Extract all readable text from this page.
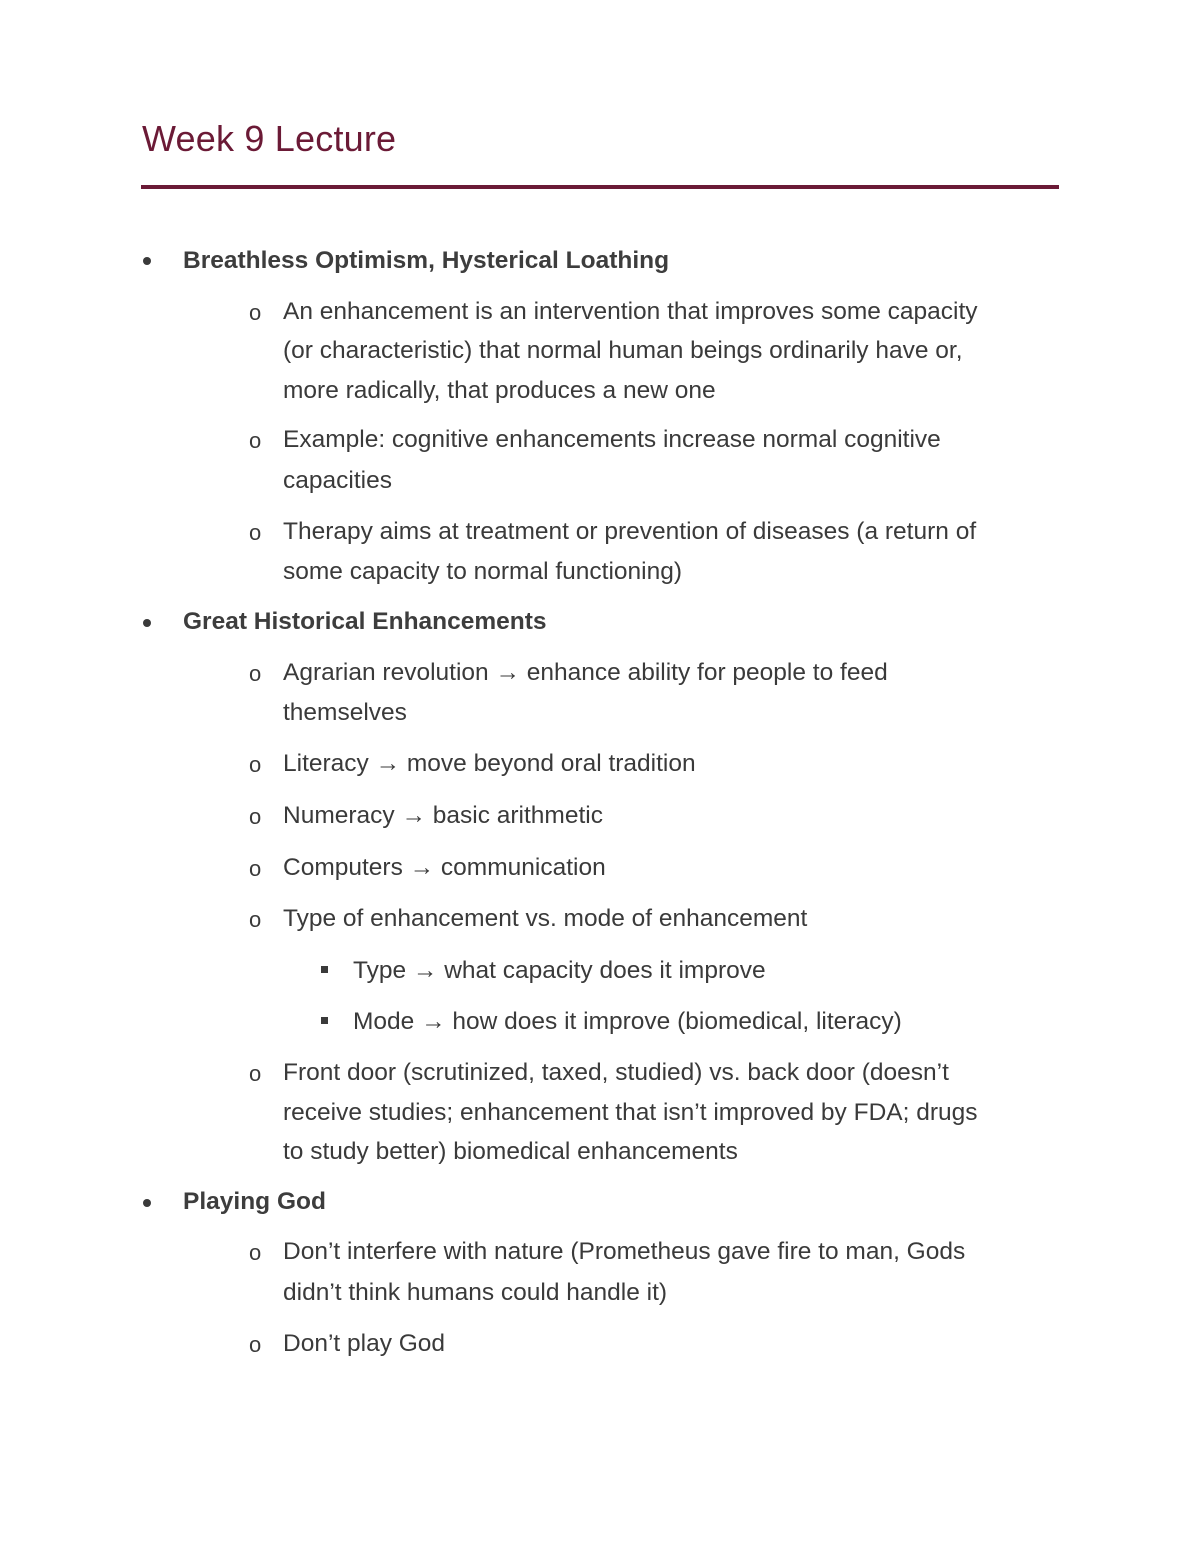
Week 9 Lecture
Breathless Optimism, Hysterical Loathing
o An enhancement is an intervention that improves some capacity
(or characteristic) that normal human beings ordinarily have or,
more radically, that produces a new one
o Example: cognitive enhancements increase normal cognitive
capacities
o Therapy aims at treatment or prevention of diseases (a return of
some capacity to normal functioning)
Great Historical Enhancements
o Agrarian revolution → enhance ability for people to feed
themselves
o Literacy → move beyond oral tradition
o Numeracy → basic arithmetic
o Computers → communication
o Type of enhancement vs. mode of enhancement
Type → what capacity does it improve
Mode → how does it improve (biomedical, literacy)
o Front door (scrutinized, taxed, studied) vs. back door (doesn’t
receive studies; enhancement that isn’t improved by FDA; drugs
to study better) biomedical enhancements
Playing God
o Don’t interfere with nature (Prometheus gave fire to man, Gods
didn’t think humans could handle it)
o Don’t play God
